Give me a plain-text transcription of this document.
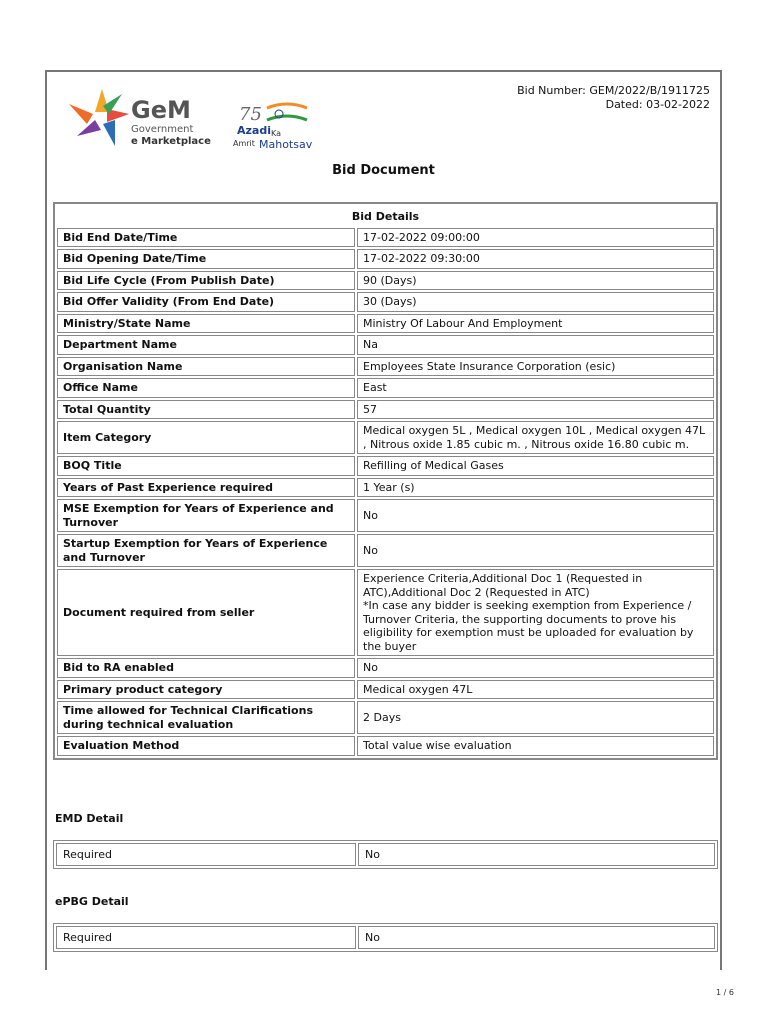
GeM
Government
e Marketplace
75
Azadi Ka
Amrit Mahotsav
Bid Number: GEM/2022/B/1911725
Dated: 03-02-2022
Bid Document
Bid Details	
Bid End Date/Time	17-02-2022 09:00:00
Bid Opening Date/Time	17-02-2022 09:30:00
Bid Life Cycle (From Publish Date)	90 (Days)
Bid Offer Validity (From End Date)	30 (Days)
Ministry/State Name	Ministry Of Labour And Employment
Department Name	Na
Organisation Name	Employees State Insurance Corporation (esic)
Office Name	East
Total Quantity	57
Item Category	Medical oxygen 5L , Medical oxygen 10L , Medical oxygen 47L , Nitrous oxide 1.85 cubic m. , Nitrous oxide 16.80 cubic m.
BOQ Title	Refilling of Medical Gases
Years of Past Experience required	1 Year (s)
MSE Exemption for Years of Experience and Turnover	No
Startup Exemption for Years of Experience and Turnover	No
Document required from seller	Experience Criteria,Additional Doc 1 (Requested in ATC),Additional Doc 2 (Requested in ATC)
*In case any bidder is seeking exemption from Experience / Turnover Criteria, the supporting documents to prove his eligibility for exemption must be uploaded for evaluation by the buyer
Bid to RA enabled	No
Primary product category	Medical oxygen 47L
Time allowed for Technical Clarifications during technical evaluation	2 Days
Evaluation Method	Total value wise evaluation
EMD Detail
Required	No
ePBG Detail
Required	No
1 / 6
